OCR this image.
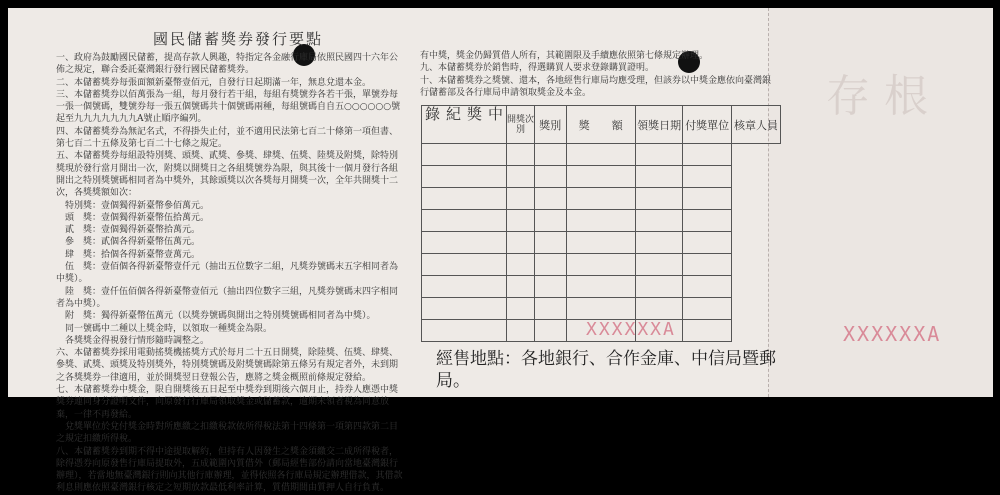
存根
國民儲蓄獎券發行要點

一、政府為鼓勵國民儲蓄，提高存款人興趣，特指定各金融行庫局依照民國四十六年公佈之規定，聯合委託臺灣銀行發行國民儲蓄獎券。

二、本儲蓄獎券每張面額新臺幣壹佰元，自發行日起期滿一年，無息兌還本金。

三、本儲蓄獎券以佰萬張為一組，每月發行若干組，每組有獎號券各若干張，單號券每一張一個號碼，雙號券每一張五個號碼共十個號碼兩種，每組號碼自自五○○○○○○號起至九九九九九九九A號止順序編列。

四、本儲蓄獎券為無記名式，不得掛失止付，並不適用民法第七百二十條第一項但書、第七百二十五條及第七百二十七條之規定。

五、本儲蓄獎券每組設特別獎、頭獎、貳獎、參獎、肆獎、伍獎、陸獎及附獎，除特別獎現於發行當月開出一次，附獎以開獎日之各組獎號券為限，與其後十一個月發行各組開出之特別獎號碼相同者為中獎外，其餘頭獎以次各獎每月開獎一次，全年共開獎十二次，各獎獎額如次：

　特別獎：壹個獨得新臺幣參佰萬元。

　頭　獎：壹個獨得新臺幣伍拾萬元。

　貳　獎：壹個獨得新臺幣拾萬元。

　參　獎：貳個各得新臺幣伍萬元。

　肆　獎：拾個各得新臺幣壹萬元。

　伍　獎：壹佰個各得新臺幣壹仟元（抽出五位數字二組，凡獎券號碼末五字相同者為中獎）。

　陸　獎：壹仟伍佰個各得新臺幣壹佰元（抽出四位數字三組，凡獎券號碼末四字相同者為中獎）。

　附　獎：獨得新臺幣伍萬元（以獎券號碼與開出之特別獎號碼相同者為中獎）。

　同一號碼中二種以上獎金時，以領取一種獎金為限。

　各獎獎金得視發行情形隨時調整之。

六、本儲蓄獎券採用電動搖獎機搖獎方式於每月二十五日開獎，除陸獎、伍獎、肆獎、參獎、貳獎、頭獎及特別獎外，特別獎號碼及附獎號碼除第五條另有規定者外，未到期之各獎獎券一律適用，並於開獎翌日登報公告，應將之獎金概照前條規定發給。

七、本儲蓄獎券中獎金，限自開獎後五日起至中獎券到期後六個月止，持券人應憑中獎獎券連同身分證明文件，向原發行行庫局領取獎金或儲蓄款，逾期未領者視為同意放棄，一律不再發給。

　兌獎單位於兌付獎金時對所應繳之扣繳稅款依所得稅法第十四條第一項第四款第二目之規定扣繳所得稅。

八、本儲蓄獎券到期不得中途提取解約，但持有人因發生之獎金須繳交二成所得稅者，除得憑券向原發售行庫局提取外，五成範圍內質借外（郵局經售部份請向當地臺灣銀行辦理），若當地無臺灣銀行則向其他行庫辦理，並得依照各行庫局規定辦理借款，其借款利息則應依照臺灣銀行核定之短期放款最低利率計算，質借期間由質押人自行負責。

有中獎，獎金仍歸質借人所有，其範圍限及手續應依照第七條規定辦理。

九、本儲蓄獎券於銷售時，得選購買人要求登錄購買證明。

十、本儲蓄獎券之獎號、還本，各地經售行庫局均應受理，但該券以中獎金應依向臺灣銀行儲蓄部及各行庫局申請領取獎金及本金。

中獎紀錄	開獎次別	獎別	獎　　額	領獎日期	付獎單位	核章人員

XXXXXXA	XXXXXXA
經售地點：各地銀行、合作金庫、中信局暨郵局。
